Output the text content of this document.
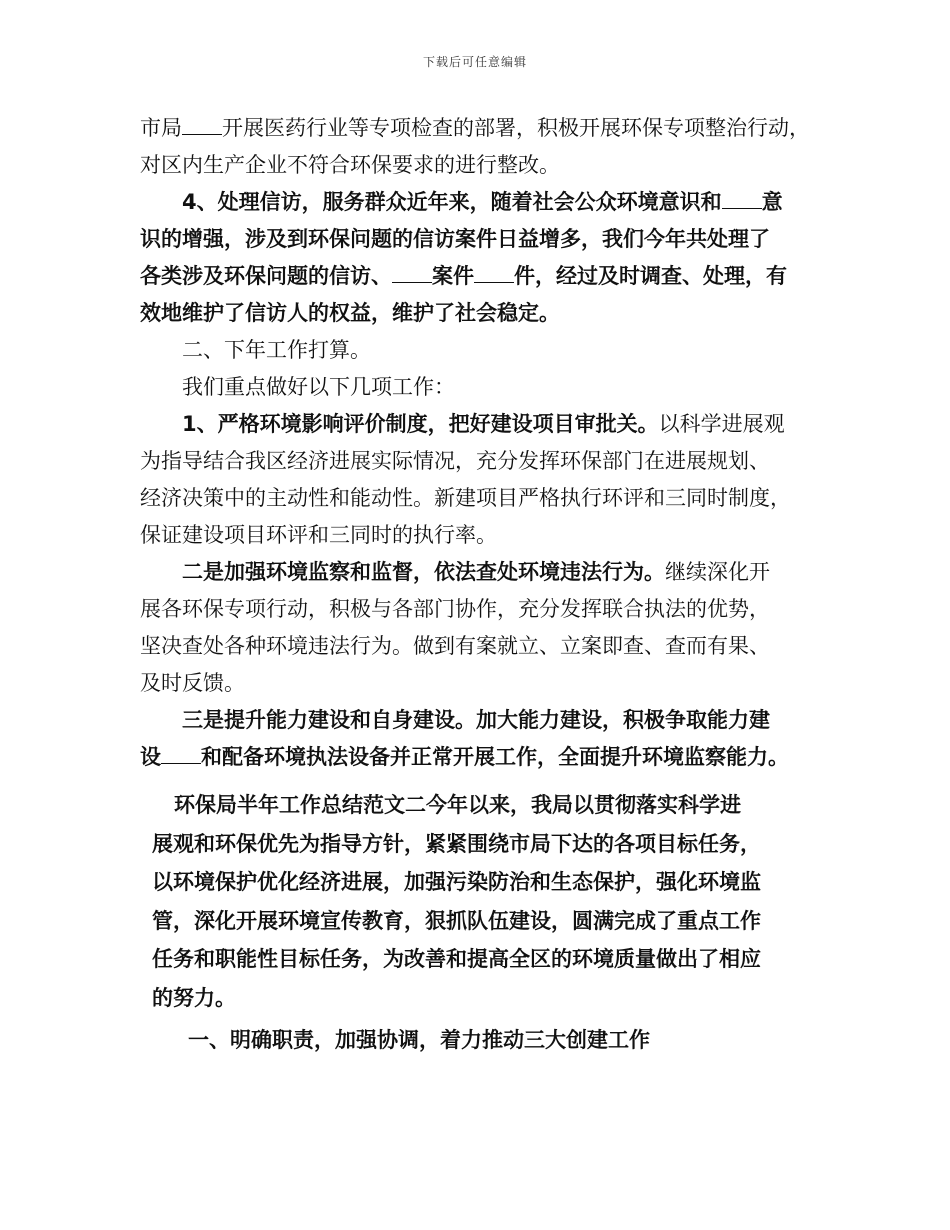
下载后可任意编辑
市局 开展医药行业等专项检查的部署，积极开展环保专项整治行动，
对区内生产企业不符合环保要求的进行整改。
4、处理信访，服务群众近年来，随着社会公众环境意识和 意
识的增强，涉及到环保问题的信访案件日益增多，我们今年共处理了
各类涉及环保问题的信访、 案件 件，经过及时调查、处理，有
效地维护了信访人的权益，维护了社会稳定。
二、下年工作打算。
我们重点做好以下几项工作：
1、严格环境影响评价制度，把好建设项目审批关。以科学进展观
为指导结合我区经济进展实际情况，充分发挥环保部门在进展规划、
经济决策中的主动性和能动性。新建项目严格执行环评和三同时制度，
保证建设项目环评和三同时的执行率。
二是加强环境监察和监督，依法查处环境违法行为。继续深化开
展各环保专项行动，积极与各部门协作，充分发挥联合执法的优势，
坚决查处各种环境违法行为。做到有案就立、立案即查、查而有果、
及时反馈。
三是提升能力建设和自身建设。加大能力建设，积极争取能力建
设 和配备环境执法设备并正常开展工作，全面提升环境监察能力。
环保局半年工作总结范文二今年以来，我局以贯彻落实科学进
展观和环保优先为指导方针，紧紧围绕市局下达的各项目标任务，
以环境保护优化经济进展，加强污染防治和生态保护，强化环境监
管，深化开展环境宣传教育，狠抓队伍建设，圆满完成了重点工作
任务和职能性目标任务，为改善和提高全区的环境质量做出了相应
的努力。
一、明确职责，加强协调，着力推动三大创建工作
